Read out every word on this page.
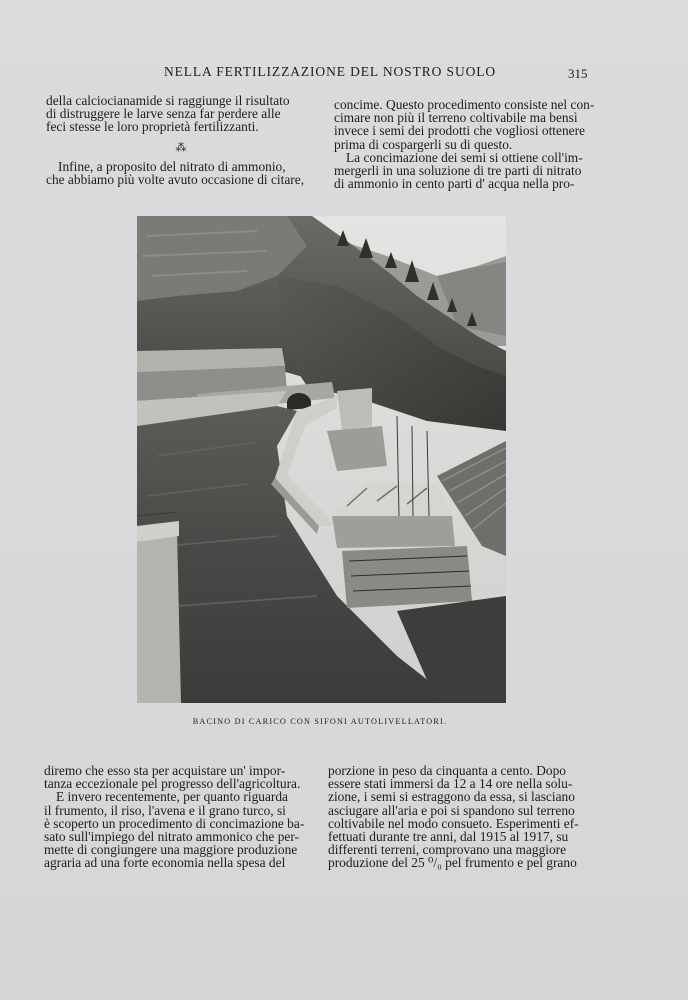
NELLA FERTILIZZAZIONE DEL NOSTRO SUOLO	315

della calciocianamide si raggiunge il risultato

di distruggere le larve senza far perdere alle

feci stesse le loro proprietà fertilizzanti.

⁂

Infine, a proposito del nitrato di ammonio,

che abbiamo più volte avuto occasione di citare,

concime. Questo procedimento consiste nel con-

cimare non più il terreno coltivabile ma bensì

invece i semi dei prodotti che vogliosi ottenere

prima di cospargerli su di questo.

La concimazione dei semi si ottiene coll'im-

mergerli in una soluzione di tre parti di nitrato

di ammonio in cento parti d' acqua nella pro-

BACINO DI CARICO CON SIFONI AUTOLIVELLATORI.

diremo che esso sta per acquistare un' impor-

tanza eccezionale pel progresso dell'agricoltura.

E invero recentemente, per quanto riguarda

il frumento, il riso, l'avena e il grano turco, si

è scoperto un procedimento di concimazione ba-

sato sull'impiego del nitrato ammonico che per-

mette di congiungere una maggiore produzione

agraria ad una forte economia nella spesa del

porzione in peso da cinquanta a cento. Dopo

essere stati immersi da 12 a 14 ore nella solu-

zione, i semi si estraggono da essa, si lasciano

asciugare all'aria e poi si spandono sul terreno

coltivabile nel modo consueto. Esperimenti ef-

fettuati durante tre anni, dal 1915 al 1917, su

differenti terreni, comprovano una maggiore

produzione del 25 ⁰/₀ pel frumento e pel grano
